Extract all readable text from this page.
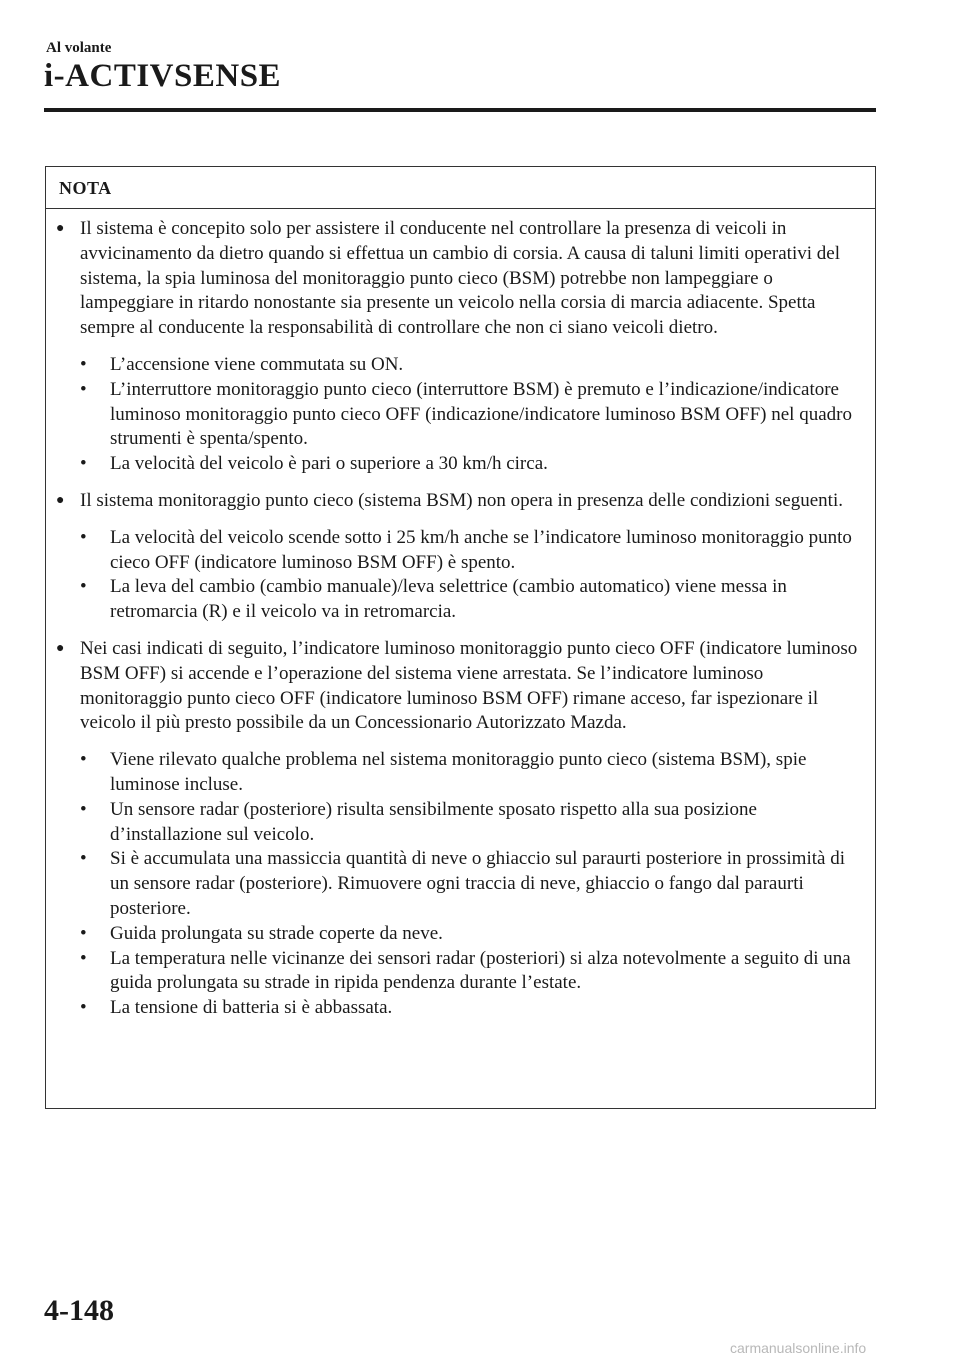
Al volante
i-ACTIVSENSE
NOTA
● Il sistema è concepito solo per assistere il conducente nel controllare la presenza di veicoli in avvicinamento da dietro quando si effettua un cambio di corsia. A causa di taluni limiti operativi del sistema, la spia luminosa del monitoraggio punto cieco (BSM) potrebbe non lampeggiare o lampeggiare in ritardo nonostante sia presente un veicolo nella corsia di marcia adiacente. Spetta sempre al conducente la responsabilità di controllare che non ci siano veicoli dietro.
• L’accensione viene commutata su ON.
• L’interruttore monitoraggio punto cieco (interruttore BSM) è premuto e l’indicazione/indicatore luminoso monitoraggio punto cieco OFF (indicazione/indicatore luminoso BSM OFF) nel quadro strumenti è spenta/spento.
• La velocità del veicolo è pari o superiore a 30 km/h circa.
● Il sistema monitoraggio punto cieco (sistema BSM) non opera in presenza delle condizioni seguenti.
• La velocità del veicolo scende sotto i 25 km/h anche se l’indicatore luminoso monitoraggio punto cieco OFF (indicatore luminoso BSM OFF) è spento.
• La leva del cambio (cambio manuale)/leva selettrice (cambio automatico) viene messa in retromarcia (R) e il veicolo va in retromarcia.
● Nei casi indicati di seguito, l’indicatore luminoso monitoraggio punto cieco OFF (indicatore luminoso BSM OFF) si accende e l’operazione del sistema viene arrestata. Se l’indicatore luminoso monitoraggio punto cieco OFF (indicatore luminoso BSM OFF) rimane acceso, far ispezionare il veicolo il più presto possibile da un Concessionario Autorizzato Mazda.
• Viene rilevato qualche problema nel sistema monitoraggio punto cieco (sistema BSM), spie luminose incluse.
• Un sensore radar (posteriore) risulta sensibilmente sposato rispetto alla sua posizione d’installazione sul veicolo.
• Si è accumulata una massiccia quantità di neve o ghiaccio sul paraurti posteriore in prossimità di un sensore radar (posteriore). Rimuovere ogni traccia di neve, ghiaccio o fango dal paraurti posteriore.
• Guida prolungata su strade coperte da neve.
• La temperatura nelle vicinanze dei sensori radar (posteriori) si alza notevolmente a seguito di una guida prolungata su strade in ripida pendenza durante l’estate.
• La tensione di batteria si è abbassata.
4-148
carmanualsonline.info
